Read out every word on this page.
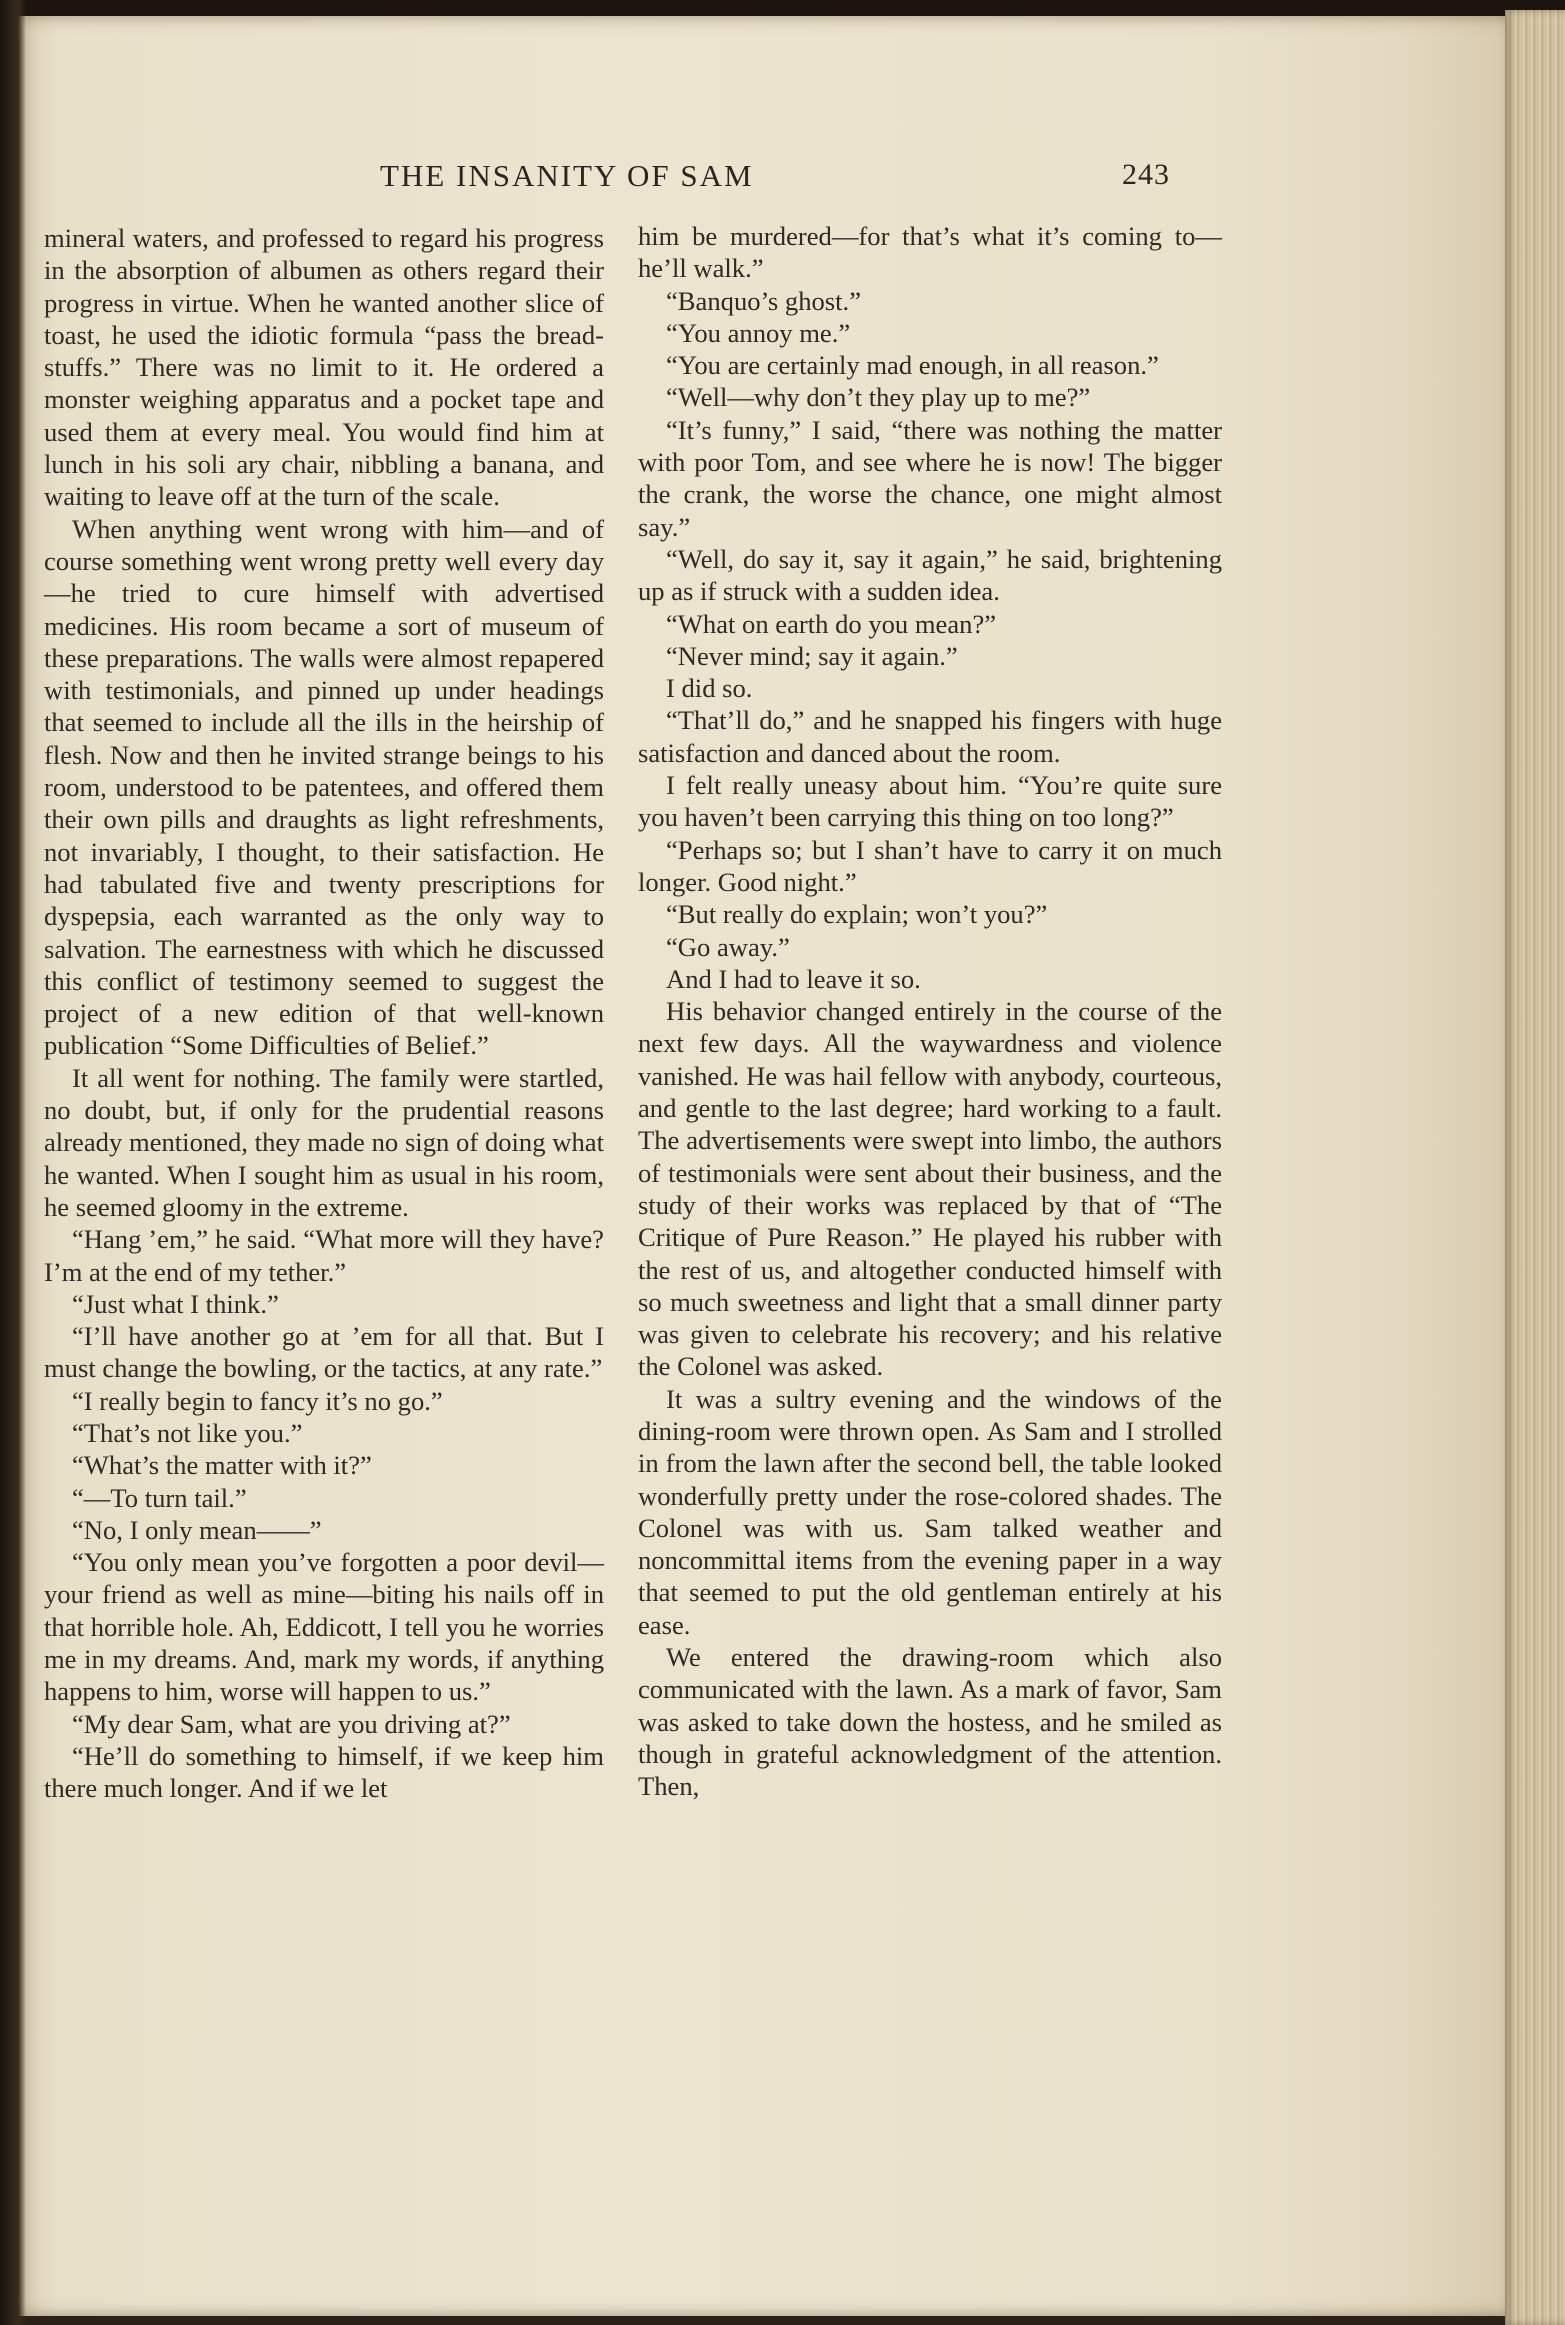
THE INSANITY OF SAM	243

mineral waters, and professed to regard his progress in the absorption of albumen as others regard their progress in virtue. When he wanted another slice of toast, he used the idiotic formula “pass the bread-stuffs.” There was no limit to it. He ordered a monster weighing apparatus and a pocket tape and used them at every meal. You would find him at lunch in his soli ary chair, nibbling a banana, and waiting to leave off at the turn of the scale.

When anything went wrong with him—and of course something went wrong pretty well every day—he tried to cure himself with advertised medicines. His room became a sort of museum of these preparations. The walls were almost repapered with testimonials, and pinned up under headings that seemed to include all the ills in the heirship of flesh. Now and then he invited strange beings to his room, understood to be patentees, and offered them their own pills and draughts as light refreshments, not invariably, I thought, to their satisfaction. He had tabulated five and twenty prescriptions for dyspepsia, each warranted as the only way to salvation. The earnestness with which he discussed this conflict of testimony seemed to suggest the project of a new edition of that well-known publication “Some Difficulties of Belief.”

It all went for nothing. The family were startled, no doubt, but, if only for the prudential reasons already mentioned, they made no sign of doing what he wanted. When I sought him as usual in his room, he seemed gloomy in the extreme.

“Hang ’em,” he said. “What more will they have? I’m at the end of my tether.”

“Just what I think.”

“I’ll have another go at ’em for all that. But I must change the bowling, or the tactics, at any rate.”

“I really begin to fancy it’s no go.”

“That’s not like you.”

“What’s the matter with it?”

“—To turn tail.”

“No, I only mean——”

“You only mean you’ve forgotten a poor devil—your friend as well as mine—biting his nails off in that horrible hole. Ah, Eddicott, I tell you he worries me in my dreams. And, mark my words, if anything happens to him, worse will happen to us.”

“My dear Sam, what are you driving at?”

“He’ll do something to himself, if we keep him there much longer. And if we let

him be murdered—for that’s what it’s coming to—he’ll walk.”

“Banquo’s ghost.”

“You annoy me.”

“You are certainly mad enough, in all reason.”

“Well—why don’t they play up to me?”

“It’s funny,” I said, “there was nothing the matter with poor Tom, and see where he is now! The bigger the crank, the worse the chance, one might almost say.”

“Well, do say it, say it again,” he said, brightening up as if struck with a sudden idea.

“What on earth do you mean?”

“Never mind; say it again.”

I did so.

“That’ll do,” and he snapped his fingers with huge satisfaction and danced about the room.

I felt really uneasy about him. “You’re quite sure you haven’t been carrying this thing on too long?”

“Perhaps so; but I shan’t have to carry it on much longer. Good night.”

“But really do explain; won’t you?”

“Go away.”

And I had to leave it so.

His behavior changed entirely in the course of the next few days. All the waywardness and violence vanished. He was hail fellow with anybody, courteous, and gentle to the last degree; hard working to a fault. The advertisements were swept into limbo, the authors of testimonials were sent about their business, and the study of their works was replaced by that of “The Critique of Pure Reason.” He played his rubber with the rest of us, and altogether conducted himself with so much sweetness and light that a small dinner party was given to celebrate his recovery; and his relative the Colonel was asked.

It was a sultry evening and the windows of the dining-room were thrown open. As Sam and I strolled in from the lawn after the second bell, the table looked wonderfully pretty under the rose-colored shades. The Colonel was with us. Sam talked weather and noncommittal items from the evening paper in a way that seemed to put the old gentleman entirely at his ease.

We entered the drawing-room which also communicated with the lawn. As a mark of favor, Sam was asked to take down the hostess, and he smiled as though in grateful acknowledgment of the attention. Then,
